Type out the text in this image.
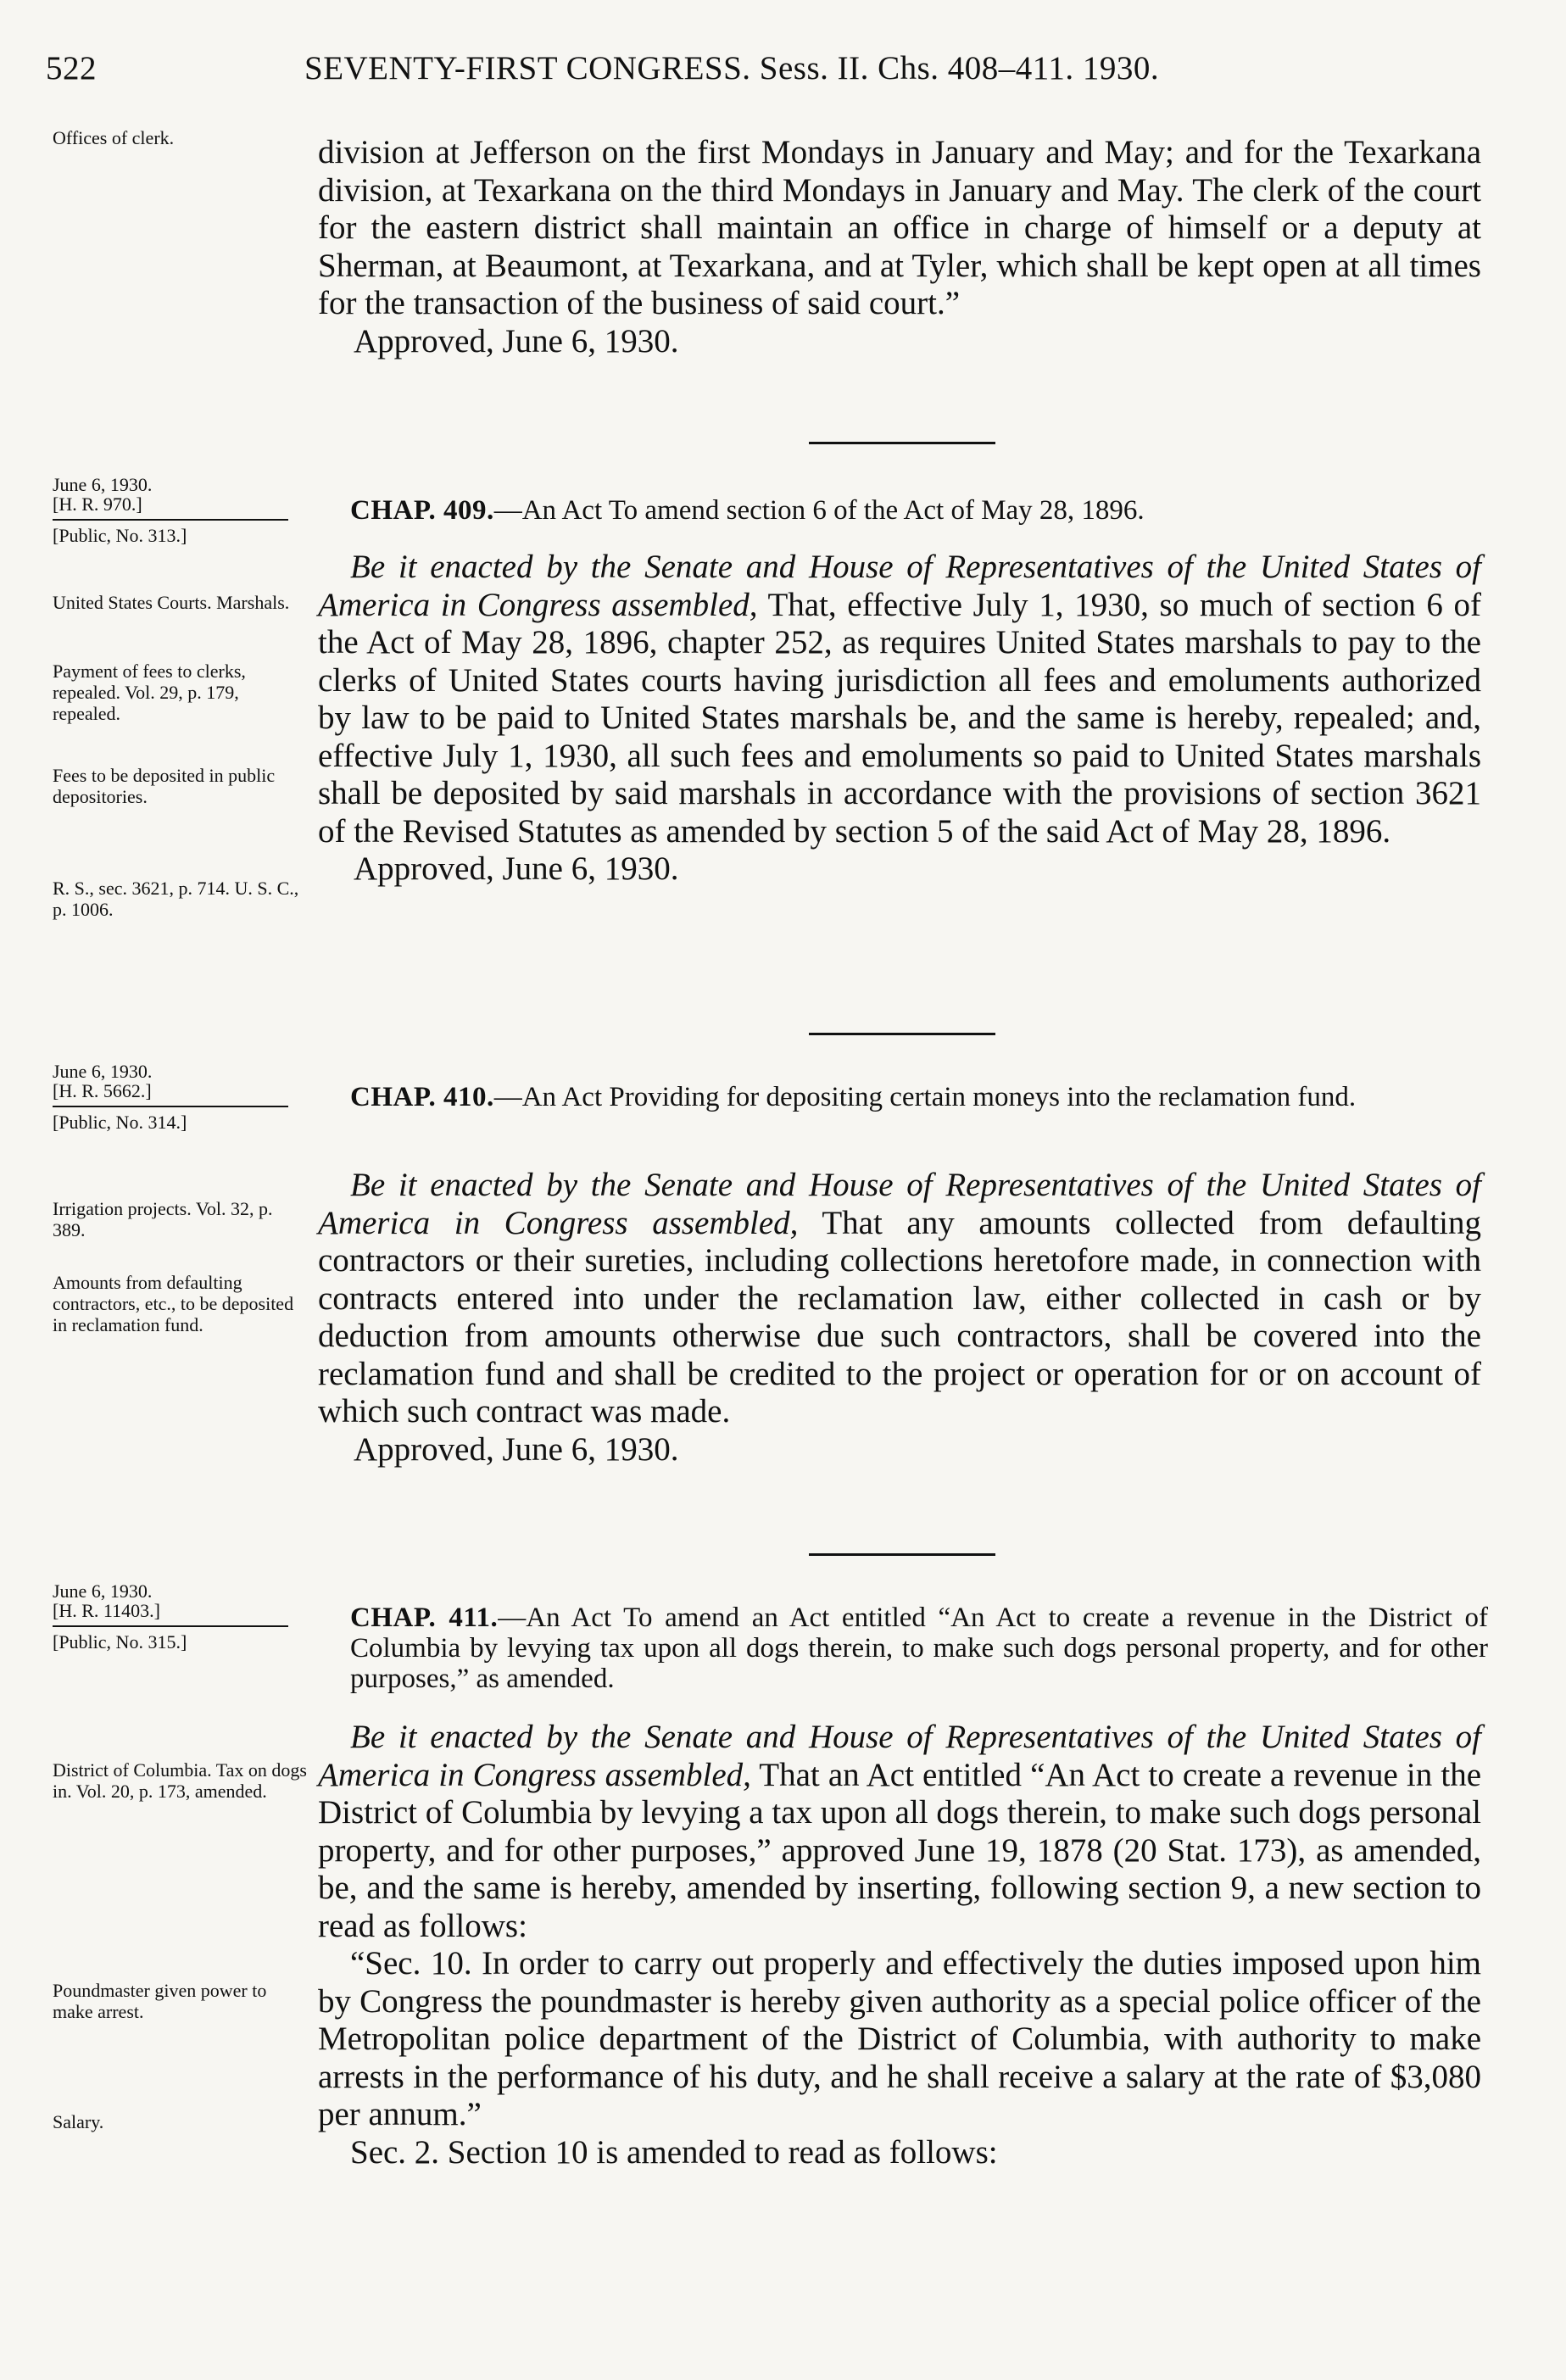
522	SEVENTY-FIRST CONGRESS. Sess. II. Chs. 408–411. 1930.

Offices of clerk.	division at Jefferson on the first Mondays in January and May; and for the Texarkana division, at Texarkana on the third Mondays in January and May. The clerk of the court for the eastern district shall maintain an office in charge of himself or a deputy at Sherman, at Beaumont, at Texarkana, and at Tyler, which shall be kept open at all times for the transaction of the business of said court.”

Approved, June 6, 1930.

June 6, 1930.

[H. R. 970.]

[Public, No. 313.]

CHAP. 409.—An Act To amend section 6 of the Act of May 28, 1896.

United States Courts. Marshals.

Payment of fees to clerks, repealed. Vol. 29, p. 179, repealed.

Fees to be deposited in public depositories.

R. S., sec. 3621, p. 714. U. S. C., p. 1006.

Be it enacted by the Senate and House of Representatives of the United States of America in Congress assembled, That, effective July 1, 1930, so much of section 6 of the Act of May 28, 1896, chapter 252, as requires United States marshals to pay to the clerks of United States courts having jurisdiction all fees and emoluments authorized by law to be paid to United States marshals be, and the same is hereby, repealed; and, effective July 1, 1930, all such fees and emoluments so paid to United States marshals shall be deposited by said marshals in accordance with the provisions of section 3621 of the Revised Statutes as amended by section 5 of the said Act of May 28, 1896.

Approved, June 6, 1930.

June 6, 1930.

[H. R. 5662.]

[Public, No. 314.]

CHAP. 410.—An Act Providing for depositing certain moneys into the reclamation fund.

Irrigation projects. Vol. 32, p. 389.

Amounts from defaulting contractors, etc., to be deposited in reclamation fund.

Be it enacted by the Senate and House of Representatives of the United States of America in Congress assembled, That any amounts collected from defaulting contractors or their sureties, including collections heretofore made, in connection with contracts entered into under the reclamation law, either collected in cash or by deduction from amounts otherwise due such contractors, shall be covered into the reclamation fund and shall be credited to the project or operation for or on account of which such contract was made.

Approved, June 6, 1930.

June 6, 1930.

[H. R. 11403.]

[Public, No. 315.]

CHAP. 411.—An Act To amend an Act entitled “An Act to create a revenue in the District of Columbia by levying tax upon all dogs therein, to make such dogs personal property, and for other purposes,” as amended.

District of Columbia. Tax on dogs in. Vol. 20, p. 173, amended.

Poundmaster given power to make arrest.

Salary.

Be it enacted by the Senate and House of Representatives of the United States of America in Congress assembled, That an Act entitled “An Act to create a revenue in the District of Columbia by levying a tax upon all dogs therein, to make such dogs personal property, and for other purposes,” approved June 19, 1878 (20 Stat. 173), as amended, be, and the same is hereby, amended by inserting, following section 9, a new section to read as follows:

“Sec. 10. In order to carry out properly and effectively the duties imposed upon him by Congress the poundmaster is hereby given authority as a special police officer of the Metropolitan police department of the District of Columbia, with authority to make arrests in the performance of his duty, and he shall receive a salary at the rate of $3,080 per annum.”

Sec. 2. Section 10 is amended to read as follows:
